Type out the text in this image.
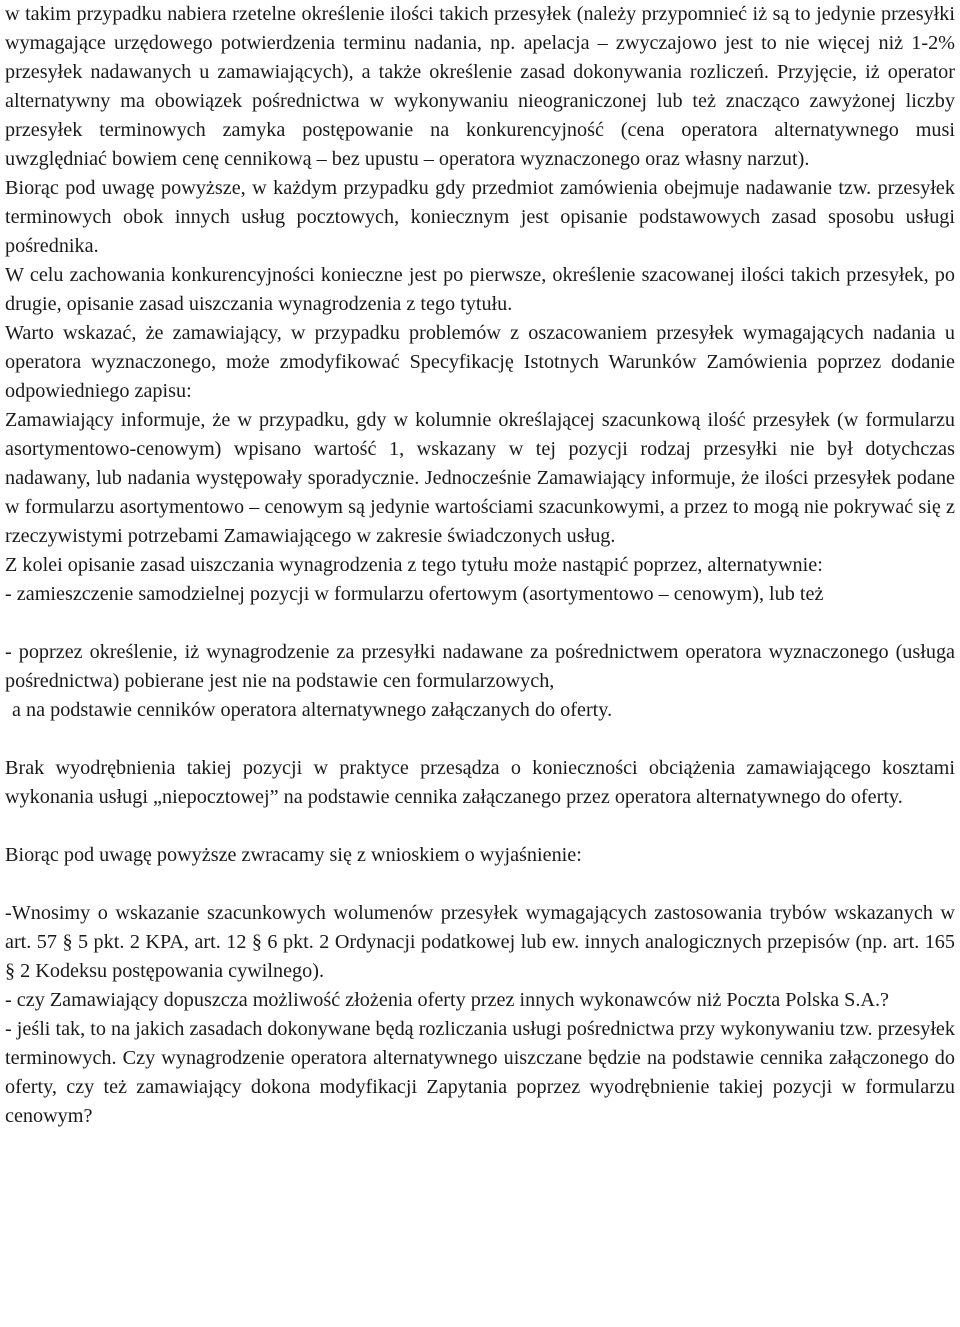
w takim przypadku nabiera rzetelne określenie ilości takich przesyłek (należy przypomnieć iż są to jedynie przesyłki wymagające urzędowego potwierdzenia terminu nadania, np. apelacja – zwyczajowo jest to nie więcej niż 1-2% przesyłek nadawanych u zamawiających), a także określenie zasad dokonywania rozliczeń. Przyjęcie, iż operator alternatywny ma obowiązek pośrednictwa w wykonywaniu nieograniczonej lub też znacząco zawyżonej liczby przesyłek terminowych zamyka postępowanie na konkurencyjność (cena operatora alternatywnego musi uwzględniać bowiem cenę cennikową – bez upustu – operatora wyznaczonego oraz własny narzut).

Biorąc pod uwagę powyższe, w każdym przypadku gdy przedmiot zamówienia obejmuje nadawanie tzw. przesyłek terminowych obok innych usług pocztowych, koniecznym jest opisanie podstawowych zasad sposobu usługi pośrednika.

W celu zachowania konkurencyjności konieczne jest po pierwsze, określenie szacowanej ilości takich przesyłek, po drugie, opisanie zasad uiszczania wynagrodzenia z tego tytułu.

Warto wskazać, że zamawiający, w przypadku problemów z oszacowaniem przesyłek wymagających nadania u operatora wyznaczonego, może zmodyfikować Specyfikację Istotnych Warunków Zamówienia poprzez dodanie odpowiedniego zapisu:

Zamawiający informuje, że w przypadku, gdy w kolumnie określającej szacunkową ilość przesyłek (w formularzu asortymentowo-cenowym) wpisano wartość 1, wskazany w tej pozycji rodzaj przesyłki nie był dotychczas nadawany, lub nadania występowały sporadycznie. Jednocześnie Zamawiający informuje, że ilości przesyłek podane w formularzu asortymentowo – cenowym są jedynie wartościami szacunkowymi, a przez to mogą nie pokrywać się z rzeczywistymi potrzebami Zamawiającego w zakresie świadczonych usług.

Z kolei opisanie zasad uiszczania wynagrodzenia z tego tytułu może nastąpić poprzez, alternatywnie:

- zamieszczenie samodzielnej pozycji w formularzu ofertowym (asortymentowo – cenowym), lub też

- poprzez określenie, iż wynagrodzenie za przesyłki nadawane za pośrednictwem operatora wyznaczonego (usługa pośrednictwa) pobierane jest nie na podstawie cen formularzowych,

a na podstawie cenników operatora alternatywnego załączanych do oferty.

Brak wyodrębnienia takiej pozycji w praktyce przesądza o konieczności obciążenia zamawiającego kosztami wykonania usługi „niepocztowej” na podstawie cennika załączanego przez operatora alternatywnego do oferty.

Biorąc pod uwagę powyższe zwracamy się z wnioskiem o wyjaśnienie:

-Wnosimy o wskazanie szacunkowych wolumenów przesyłek wymagających zastosowania trybów wskazanych w art. 57 § 5 pkt. 2 KPA, art. 12 § 6 pkt. 2 Ordynacji podatkowej lub ew. innych analogicznych przepisów (np. art. 165 § 2 Kodeksu postępowania cywilnego).

- czy Zamawiający dopuszcza możliwość złożenia oferty przez innych wykonawców niż Poczta Polska S.A.?

- jeśli tak, to na jakich zasadach dokonywane będą rozliczania usługi pośrednictwa przy wykonywaniu tzw. przesyłek terminowych. Czy wynagrodzenie operatora alternatywnego uiszczane będzie na podstawie cennika załączonego do oferty, czy też zamawiający dokona modyfikacji Zapytania poprzez wyodrębnienie takiej pozycji w formularzu cenowym?
